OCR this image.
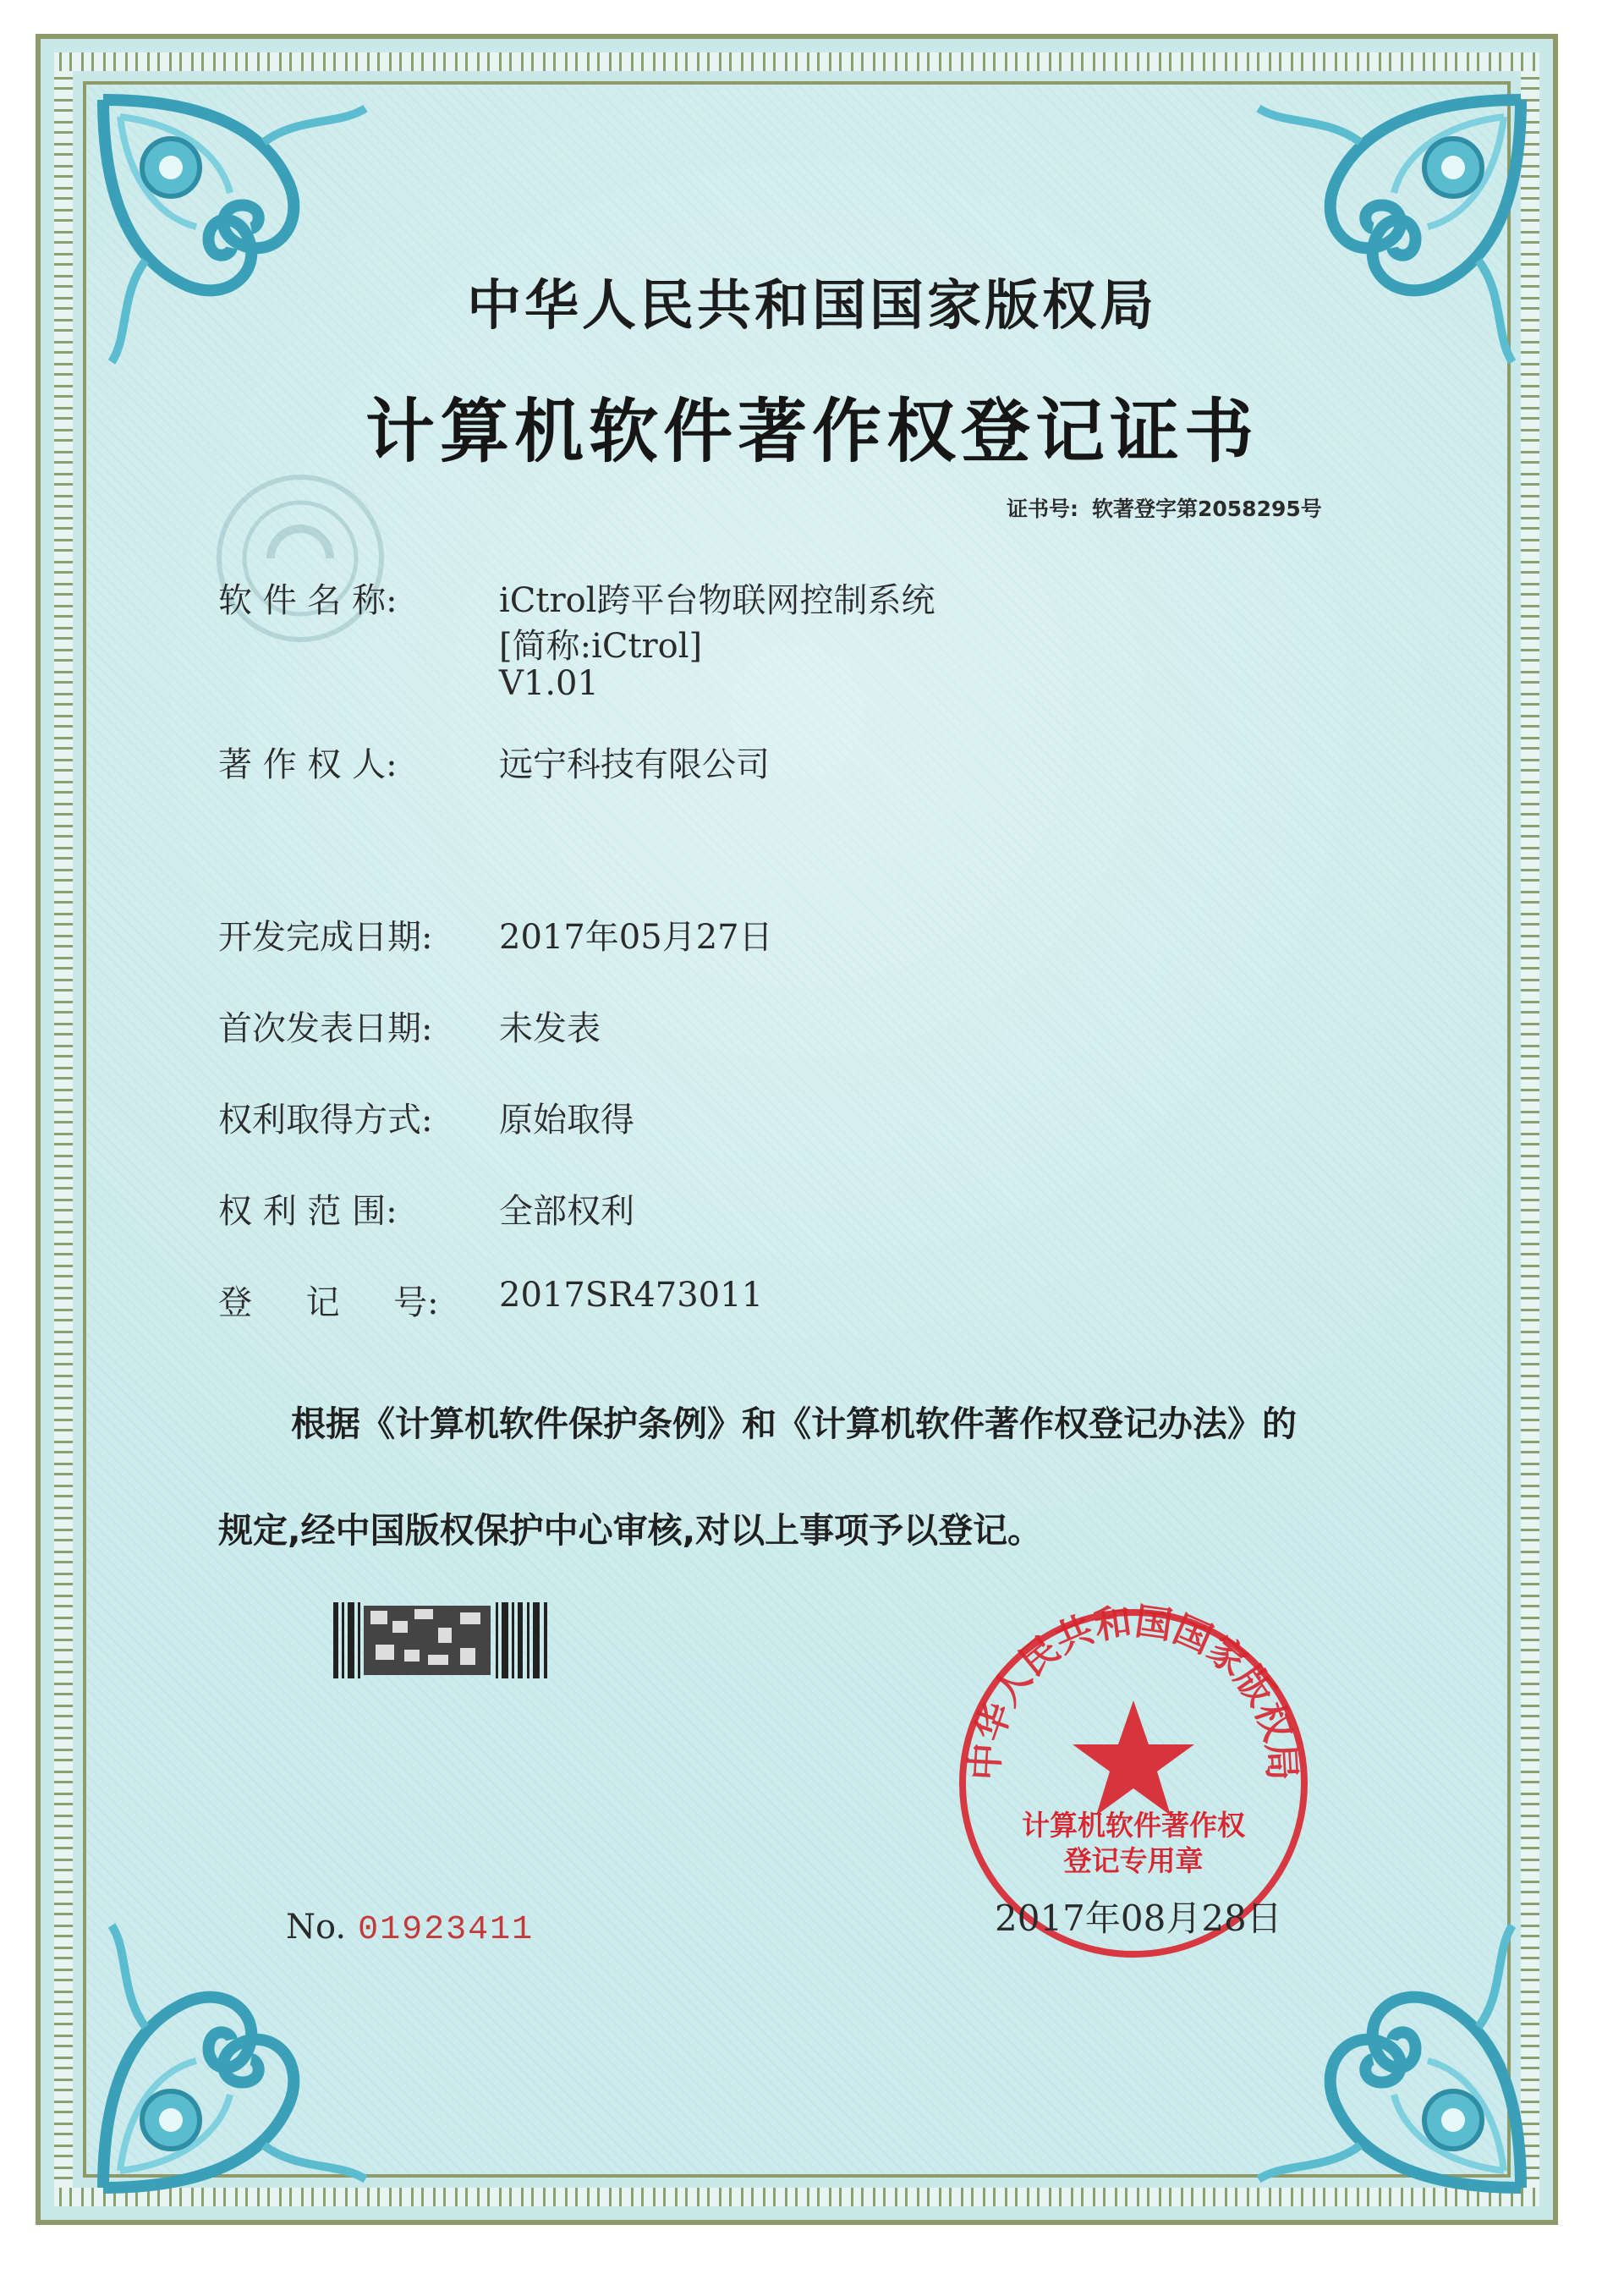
中华人民共和国国家版权局
计算机软件著作权登记证书
证书号: 软著登字第2058295号
软 件 名 称:	iCtrol跨平台物联网控制系统
[简称:iCtrol]
V1.01
著 作 权 人:	远宁科技有限公司
开发完成日期:	2017年05月27日
首次发表日期:	未发表
权利取得方式:	原始取得
权 利 范 围:	全部权利
登     记     号:	2017SR473011
根据《计算机软件保护条例》和《计算机软件著作权登记办法》的
规定,经中国版权保护中心审核,对以上事项予以登记。
中华人民共和国国家版权局
计算机软件著作权
登记专用章
No. 01923411	2017年08月28日
